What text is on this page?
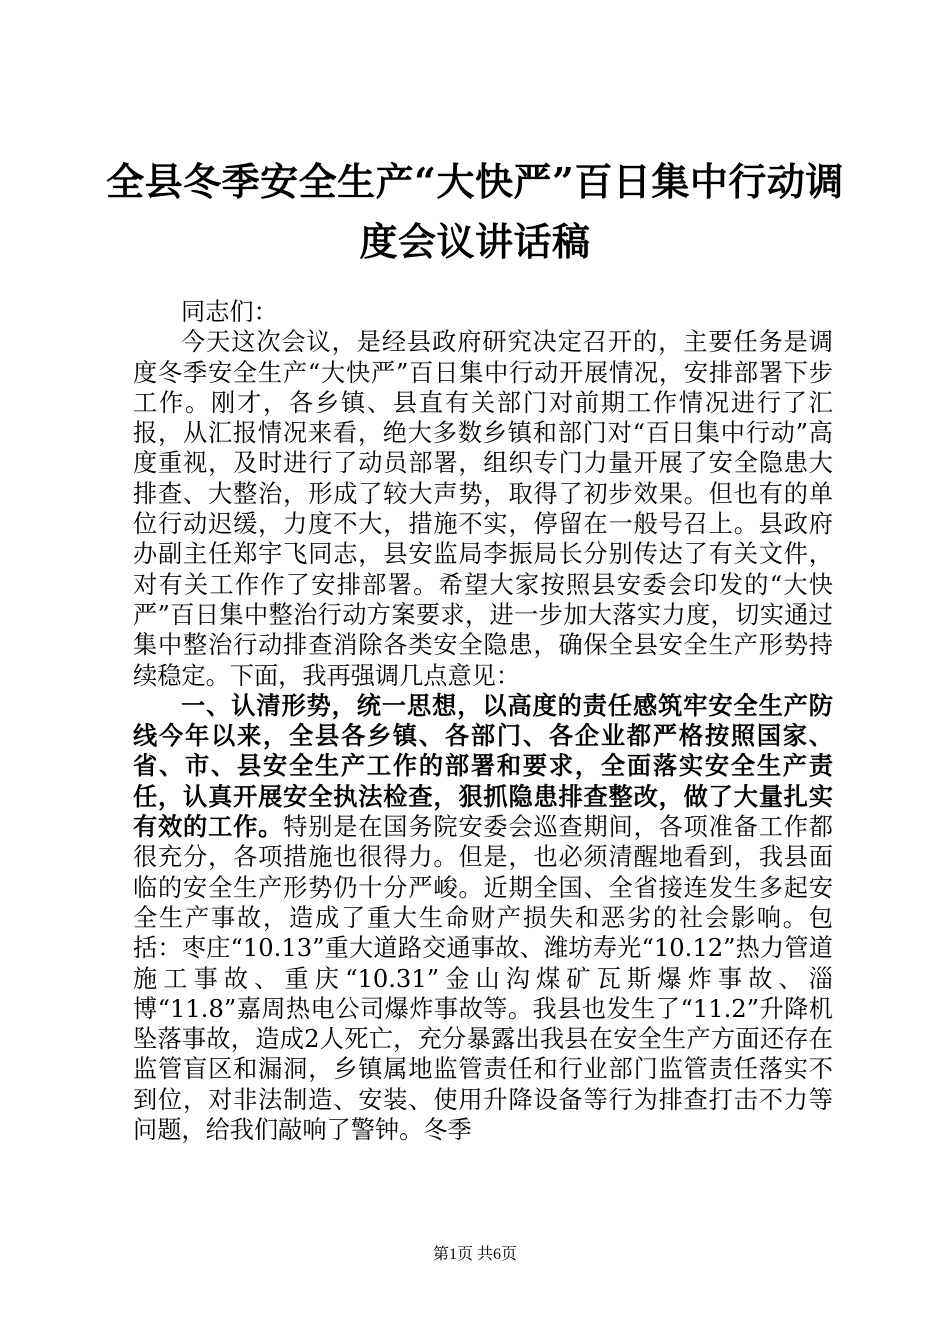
全县冬季安全生产“大快严”百日集中行动调
度会议讲话稿

同志们：

今天这次会议，是经县政府研究决定召开的，主要任务是调度冬季安全生产“大快严”百日集中行动开展情况，安排部署下步工作。刚才，各乡镇、县直有关部门对前期工作情况进行了汇报，从汇报情况来看，绝大多数乡镇和部门对“百日集中行动”高度重视，及时进行了动员部署，组织专门力量开展了安全隐患大排查、大整治，形成了较大声势，取得了初步效果。但也有的单位行动迟缓，力度不大，措施不实，停留在一般号召上。县政府办副主任郑宇飞同志，县安监局李振局长分别传达了有关文件，对有关工作作了安排部署。希望大家按照县安委会印发的“大快严”百日集中整治行动方案要求，进一步加大落实力度，切实通过集中整治行动排查消除各类安全隐患，确保全县安全生产形势持续稳定。下面，我再强调几点意见：

一、认清形势，统一思想，以高度的责任感筑牢安全生产防线今年以来，全县各乡镇、各部门、各企业都严格按照国家、省、市、县安全生产工作的部署和要求，全面落实安全生产责任，认真开展安全执法检查，狠抓隐患排查整改，做了大量扎实有效的工作。特别是在国务院安委会巡查期间，各项准备工作都很充分，各项措施也很得力。但是，也必须清醒地看到，我县面临的安全生产形势仍十分严峻。近期全国、全省接连发生多起安全生产事故，造成了重大生命财产损失和恶劣的社会影响。包括：枣庄“10.13”重大道路交通事故、潍坊寿光“10.12”热力管道施工事故、重庆“10.31”金山沟煤矿瓦斯爆炸事故、淄博“11.8”嘉周热电公司爆炸事故等。我县也发生了“11.2”升降机坠落事故，造成2人死亡，充分暴露出我县在安全生产方面还存在监管盲区和漏洞，乡镇属地监管责任和行业部门监管责任落实不到位，对非法制造、安装、使用升降设备等行为排查打击不力等问题，给我们敲响了警钟。冬季

第1页 共6页
